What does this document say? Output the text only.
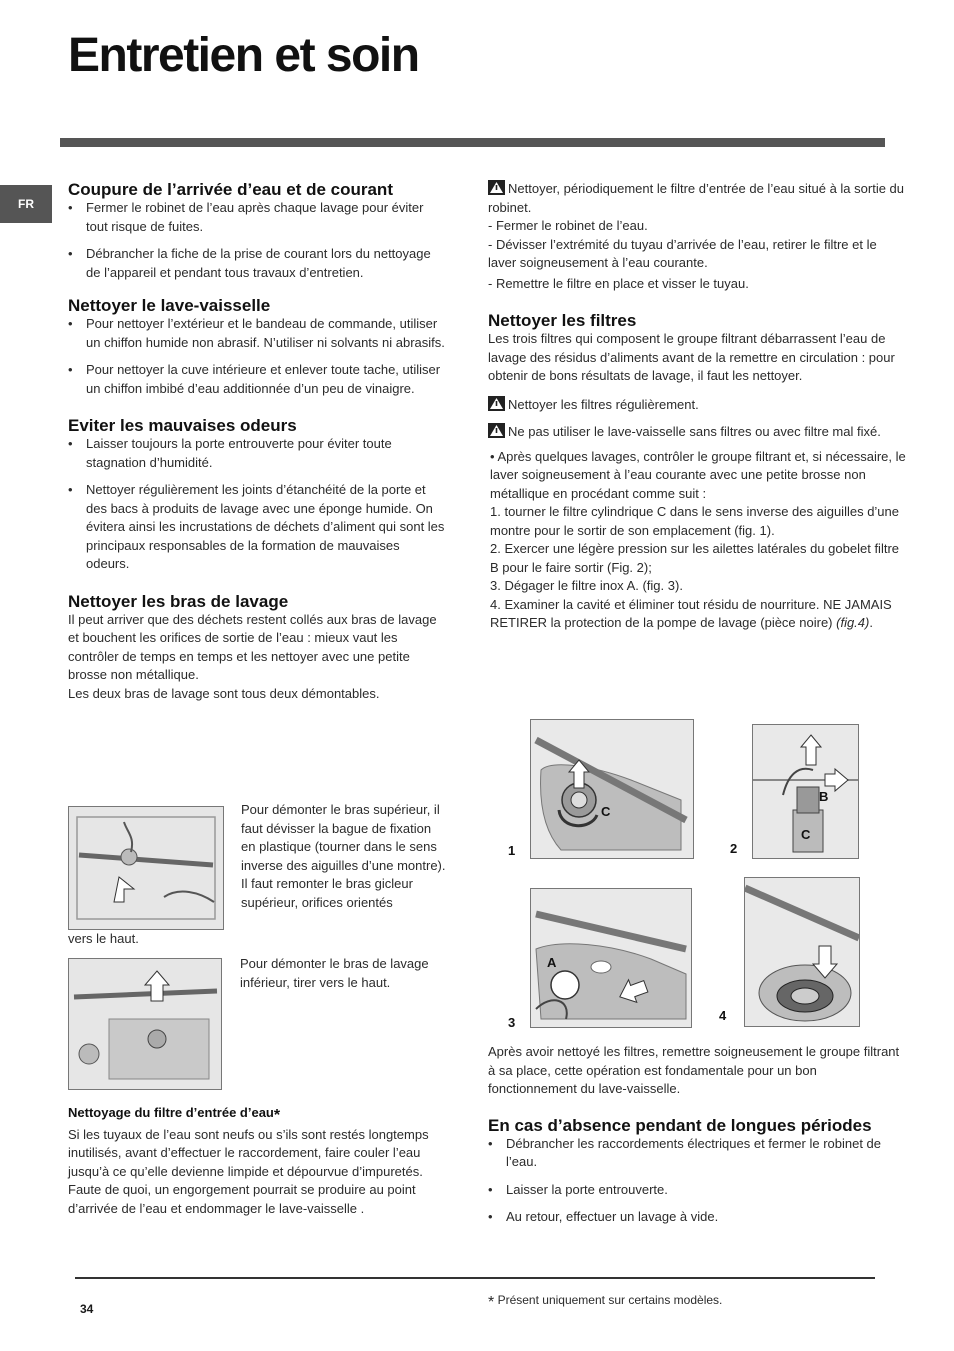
Entretien et soin
FR
Coupure de l’arrivée d’eau et de courant
• Fermer le robinet de l’eau après chaque lavage pour éviter tout risque de fuites.
• Débrancher la fiche de la prise de courant lors du nettoyage de l’appareil et pendant tous travaux d’entretien.
Nettoyer le lave-vaisselle
• Pour nettoyer l’extérieur et le bandeau de commande, utiliser un chiffon humide non abrasif. N’utiliser ni solvants ni abrasifs.
• Pour nettoyer la cuve intérieure et enlever toute tache, utiliser un chiffon imbibé d’eau additionnée d’un peu de vinaigre.
Eviter les mauvaises odeurs
• Laisser toujours la porte entrouverte pour éviter toute stagnation d’humidité.
• Nettoyer régulièrement les joints d’étanchéité de la porte et des bacs à produits de lavage avec une éponge humide. On évitera ainsi les incrustations de déchets d’aliment qui sont les principaux responsables de la formation de mauvaises odeurs.
Nettoyer les bras de lavage

Il peut arriver que des déchets restent collés aux bras de lavage et bouchent les orifices de sortie de l’eau : mieux vaut les contrôler de temps en temps et les nettoyer avec une petite brosse non métallique.

Les deux bras de lavage sont tous deux démontables.

Pour démonter le bras supérieur, il faut dévisser la bague de fixation en plastique (tourner dans le sens inverse des aiguilles d’une montre). Il faut remonter le bras gicleur supérieur, orifices orientés
vers le haut.
Pour démonter le bras de lavage inférieur, tirer vers le haut.
Nettoyage du filtre d’entrée d’eau*

Si les tuyaux de l’eau sont neufs ou s’ils sont restés longtemps inutilisés, avant d’effectuer le raccordement, faire couler l’eau jusqu’à ce qu’elle devienne limpide et dépourvue d’impuretés. Faute de quoi, un engorgement pourrait se produire au point d’arrivée de l’eau et endommager le lave-vaisselle .

Nettoyer, périodiquement le filtre d’entrée de l’eau situé à la sortie du robinet.

- Fermer le robinet de l’eau.

- Dévisser l’extrémité du tuyau d’arrivée de l’eau, retirer le filtre et le laver soigneusement à l’eau courante.

- Remettre le filtre en place et visser le tuyau.

Nettoyer les filtres

Les trois filtres qui composent le groupe filtrant débarrassent l’eau de lavage des résidus d’aliments avant de la remettre en circulation : pour obtenir de bons résultats de lavage, il faut les nettoyer.

Nettoyer les filtres régulièrement.

Ne pas utiliser le lave-vaisselle sans filtres ou avec filtre mal fixé.

• Après quelques lavages, contrôler le groupe filtrant et, si nécessaire, le laver soigneusement à l’eau courante avec une petite brosse non métallique en procédant comme suit :

1. tourner le filtre cylindrique C dans le sens inverse des aiguilles d’une montre pour le sortir de son emplacement (fig. 1).

2. Exercer une légère pression sur les ailettes latérales du gobelet filtre B pour le faire sortir (Fig. 2);

3. Dégager le filtre inox A. (fig. 3).

4. Examiner la cavité et éliminer tout résidu de nourriture. NE JAMAIS RETIRER la protection de la pompe de lavage (pièce noire) (fig.4).

C
1
B
C
2
A
3	4

Après avoir nettoyé les filtres, remettre soigneusement le groupe filtrant à sa place, cette opération est fondamentale pour un bon fonctionnement du lave-vaisselle.

En cas d’absence pendant de longues périodes
• Débrancher les raccordements électriques et fermer le robinet de l’eau.
• Laisser la porte entrouverte.
• Au retour, effectuer un lavage à vide.
34	* Présent uniquement sur certains modèles.
